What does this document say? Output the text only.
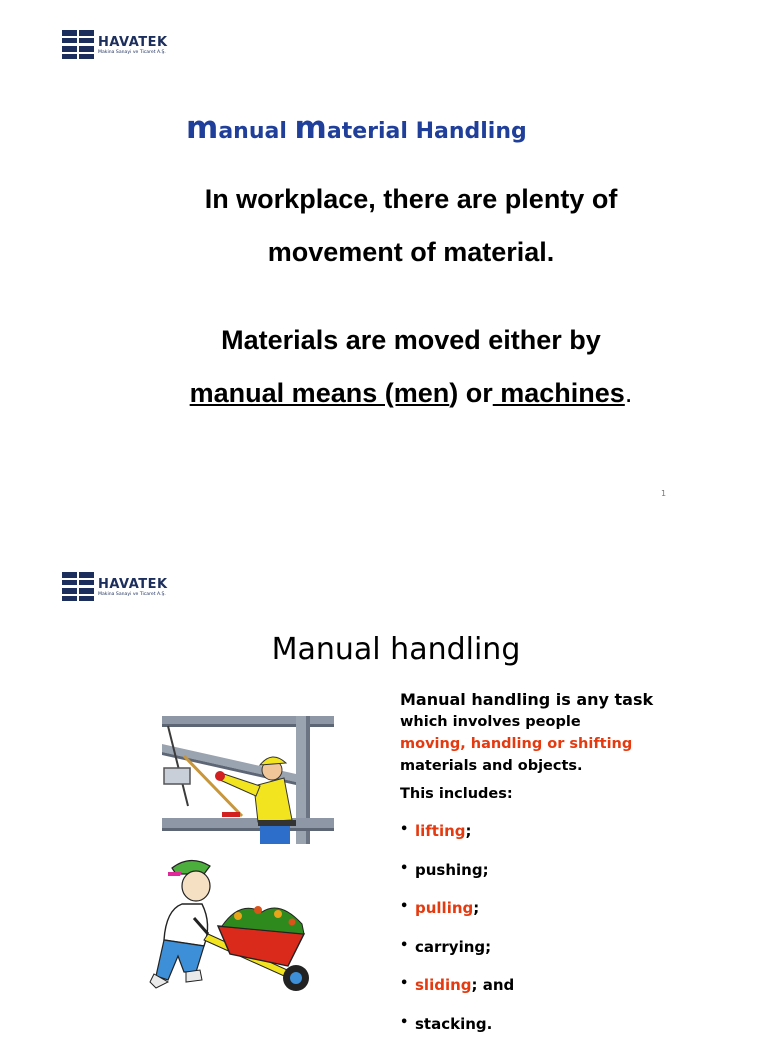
HAVATEK
Makina Sanayi ve Ticaret A.Ş.
manual material Handling
In workplace, there are plenty of
movement of material.
Materials are moved either by
manual means (men) or machines.
1
HAVATEK
Makina Sanayi ve Ticaret A.Ş.
Manual handling
Manual handling is any task
which involves people
moving, handling or shifting
materials and objects.
This includes:
• lifting;
• pushing;
• pulling;
• carrying;
• sliding; and
• stacking.
